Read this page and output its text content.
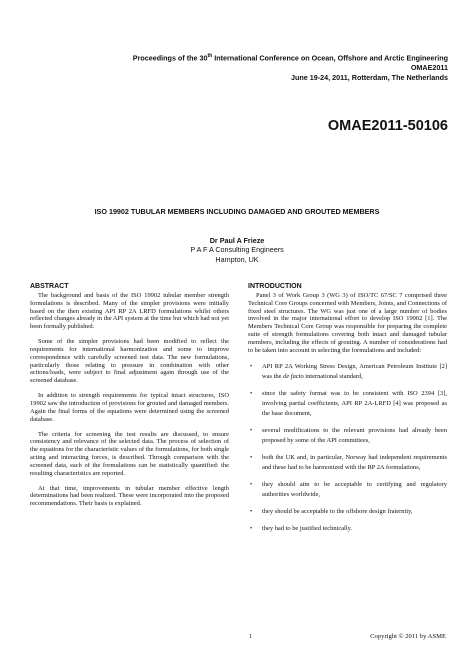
Proceedings of the 30th International Conference on Ocean, Offshore and Arctic Engineering
OMAE2011
June 19-24, 2011, Rotterdam, The Netherlands
OMAE2011-50106
ISO 19902 TUBULAR MEMBERS INCLUDING DAMAGED AND GROUTED MEMBERS
Dr Paul A Frieze
P A F A Consulting Engineers
Hampton, UK
ABSTRACT

The background and basis of the ISO 19902 tubular member strength formulations is described. Many of the simpler provisions were initially based on the then existing API RP 2A LRFD formulations whilst others reflected changes already in the API system at the time but which had not yet been formally published.

Some of the simpler provisions had been modified to reflect the requirements for international harmonization and some to improve correspondence with carefully screened test data. The new formulations, particularly those relating to pressure in combination with other actions/loads, were subject to final adjustment again through use of the screened database.

In addition to strength requirements for typical intact structures, ISO 19902 saw the introduction of provisions for grouted and damaged members. Again the final forms of the equations were determined using the screened database.

The criteria for screening the test results are discussed, to ensure consistency and relevance of the selected data. The process of selection of the equations for the characteristic values of the formulations, for both single acting and interacting forces, is described. Through comparison with the screened data, each of the formulations can be statistically quantified: the resulting characteristics are reported.

At that time, improvements in tubular member effective length determinations had been realized. These were incorporated into the proposed recommendations. Their basis is explained.

INTRODUCTION

Panel 3 of Work Group 3 (WG 3) of ISO/TC 67/SC 7 comprised three Technical Core Groups concerned with Members, Joints, and Connections of fixed steel structures. The WG was just one of a large number of bodies involved in the major international effort to develop ISO 19902 [1]. The Members Technical Core Group was responsible for preparing the complete suite of strength formulations covering both intact and damaged tubular members, including the effects of grouting. A number of considerations had to be taken into account in selecting the formulations and included:

• API RP 2A Working Stress Design, American Petroleum Institute [2] was the de facto international standard,
• since the safety format was to be consistent with ISO 2394 [3], involving partial coefficients, API RP 2A-LRFD [4] was proposed as the base document,
• several modifications to the relevant provisions had already been proposed by some of the API committees,
• both the UK and, in particular, Norway had independent requirements and these had to be harmonized with the RP 2A formulations,
• they should aim to be acceptable to certifying and regulatory authorities worldwide,
• they should be acceptable to the offshore design fraternity,
• they had to be justified technically.
1	Copyright © 2011 by ASME
